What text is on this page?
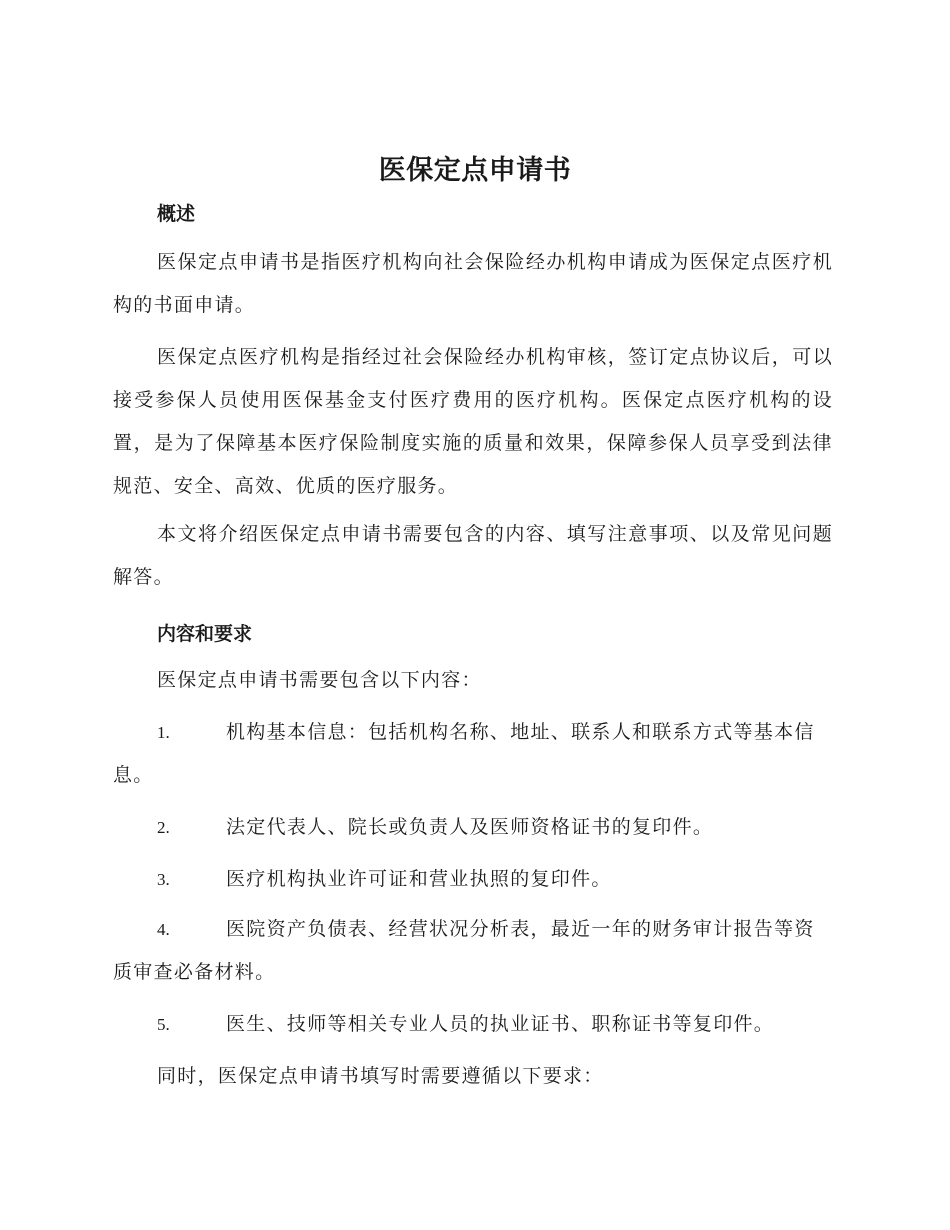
医保定点申请书
概述

医保定点申请书是指医疗机构向社会保险经办机构申请成为医保定点医疗机构的书面申请。

医保定点医疗机构是指经过社会保险经办机构审核，签订定点协议后，可以接受参保人员使用医保基金支付医疗费用的医疗机构。医保定点医疗机构的设置，是为了保障基本医疗保险制度实施的质量和效果，保障参保人员享受到法律规范、安全、高效、优质的医疗服务。

本文将介绍医保定点申请书需要包含的内容、填写注意事项、以及常见问题解答。

内容和要求

医保定点申请书需要包含以下内容：

1.	机构基本信息：包括机构名称、地址、联系人和联系方式等基本信息。

2.	法定代表人、院长或负责人及医师资格证书的复印件。

3.	医疗机构执业许可证和营业执照的复印件。

4.	医院资产负债表、经营状况分析表，最近一年的财务审计报告等资质审查必备材料。

5.	医生、技师等相关专业人员的执业证书、职称证书等复印件。

同时，医保定点申请书填写时需要遵循以下要求：
